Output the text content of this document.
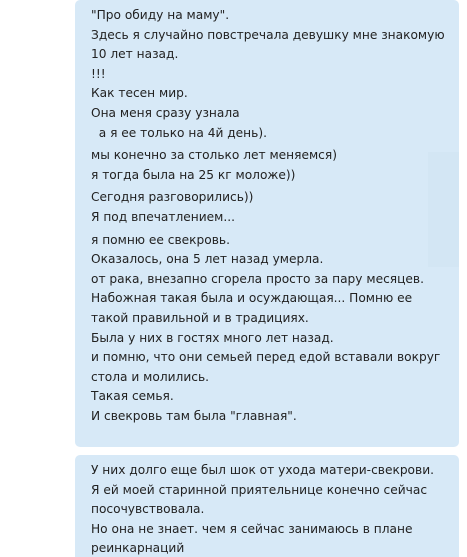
"Про обиду на маму".
Здесь я случайно повстречала девушку мне знакомую
10 лет назад.
!!!
Как тесен мир.
Она меня сразу узнала
а я ее только на 4й день).
мы конечно за столько лет меняемся)
я тогда была на 25 кг моложе))
Сегодня разговорились))
Я под впечатлением...
я помню ее свекровь.
Оказалось, она 5 лет назад умерла.
от рака, внезапно сгорела просто за пару месяцев.
Набожная такая была и осуждающая... Помню ее
такой правильной и в традициях.
Была у них в гостях много лет назад.
и помню, что они семьей перед едой вставали вокруг
стола и молились.
Такая семья.
И свекровь там была "главная".
У них долго еще был шок от ухода матери-свекрови.
Я ей моей старинной приятельнице конечно сейчас
посочувствовала.
Но она не знает. чем я сейчас занимаюсь в плане
реинкарнаций
